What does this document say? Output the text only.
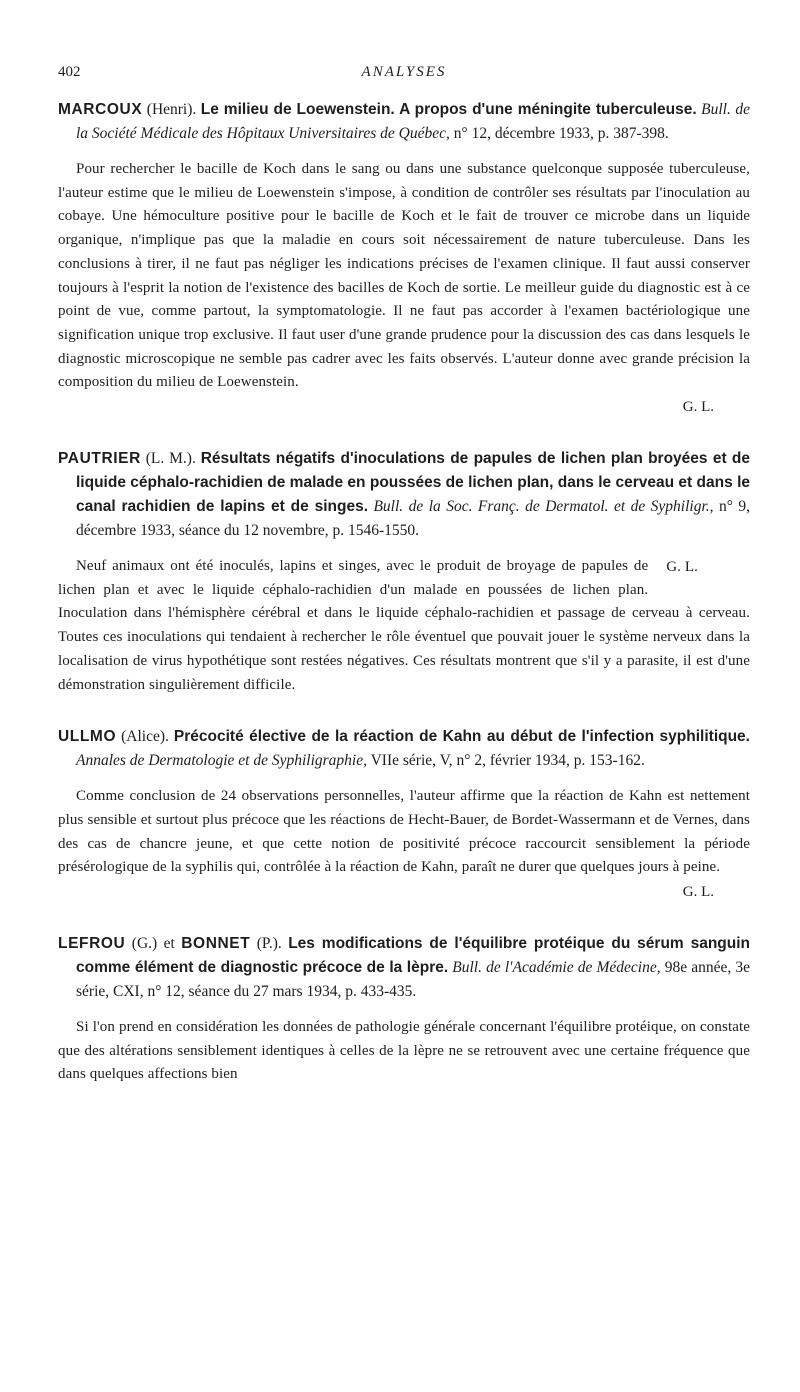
402	ANALYSES
MARCOUX (Henri). Le milieu de Loewenstein. A propos d'une méningite tuberculeuse. Bull. de la Société Médicale des Hôpitaux Universitaires de Québec, n° 12, décembre 1933, p. 387-398.
Pour rechercher le bacille de Koch dans le sang ou dans une substance quelconque supposée tuberculeuse, l'auteur estime que le milieu de Loewenstein s'impose, à condition de contrôler ses résultats par l'inoculation au cobaye. Une hémoculture positive pour le bacille de Koch et le fait de trouver ce microbe dans un liquide organique, n'implique pas que la maladie en cours soit nécessairement de nature tuberculeuse. Dans les conclusions à tirer, il ne faut pas négliger les indications précises de l'examen clinique. Il faut aussi conserver toujours à l'esprit la notion de l'existence des bacilles de Koch de sortie. Le meilleur guide du diagnostic est à ce point de vue, comme partout, la symptomatologie. Il ne faut pas accorder à l'examen bactériologique une signification unique trop exclusive. Il faut user d'une grande prudence pour la discussion des cas dans lesquels le diagnostic microscopique ne semble pas cadrer avec les faits observés. L'auteur donne avec grande précision la composition du milieu de Loewenstein.
G. L.
PAUTRIER (L. M.). Résultats négatifs d'inoculations de papules de lichen plan broyées et de liquide céphalo-rachidien de malade en poussées de lichen plan, dans le cerveau et dans le canal rachidien de lapins et de singes. Bull. de la Soc. Franç. de Dermatol. et de Syphiligr., n° 9, décembre 1933, séance du 12 novembre, p. 1546-1550.
G. L.
Neuf animaux ont été inoculés, lapins et singes, avec le produit de broyage de papules de lichen plan et avec le liquide céphalo-rachidien d'un malade en poussées de lichen plan. Inoculation dans l'hémisphère cérébral et dans le liquide céphalo-rachidien et passage de cerveau à cerveau. Toutes ces inoculations qui tendaient à rechercher le rôle éventuel que pouvait jouer le système nerveux dans la localisation de virus hypothétique sont restées négatives. Ces résultats montrent que s'il y a parasite, il est d'une démonstration singulièrement difficile.
ULLMO (Alice). Précocité élective de la réaction de Kahn au début de l'infection syphilitique. Annales de Dermatologie et de Syphiligraphie, VIIe série, V, n° 2, février 1934, p. 153-162.
Comme conclusion de 24 observations personnelles, l'auteur affirme que la réaction de Kahn est nettement plus sensible et surtout plus précoce que les réactions de Hecht-Bauer, de Bordet-Wassermann et de Vernes, dans des cas de chancre jeune, et que cette notion de positivité précoce raccourcit sensiblement la période présérologique de la syphilis qui, contrôlée à la réaction de Kahn, paraît ne durer que quelques jours à peine.
G. L.
LEFROU (G.) et BONNET (P.). Les modifications de l'équilibre protéique du sérum sanguin comme élément de diagnostic précoce de la lèpre. Bull. de l'Académie de Médecine, 98e année, 3e série, CXI, n° 12, séance du 27 mars 1934, p. 433-435.
Si l'on prend en considération les données de pathologie générale concernant l'équilibre protéique, on constate que des altérations sensiblement identiques à celles de la lèpre ne se retrouvent avec une certaine fréquence que dans quelques affections bien
